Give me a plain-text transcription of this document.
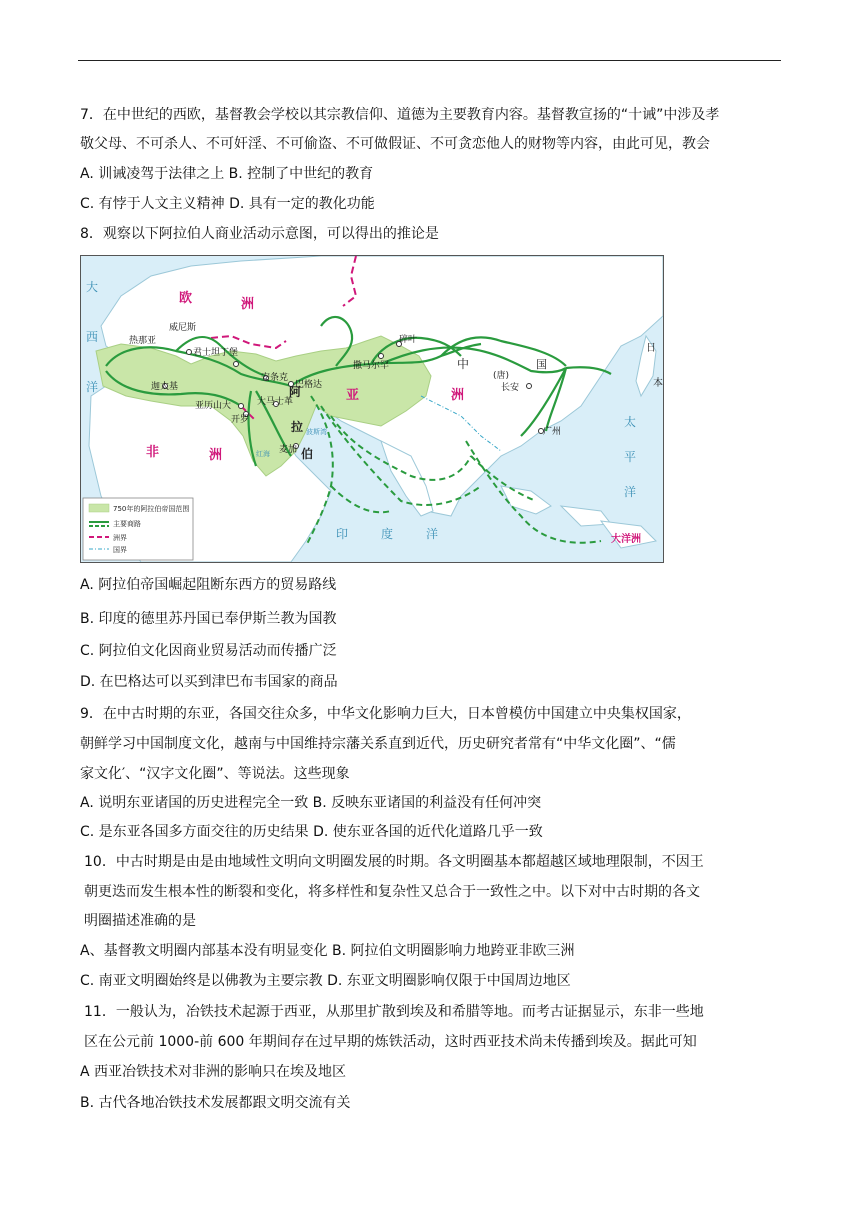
7．在中世纪的西欧，基督教会学校以其宗教信仰、道德为主要教育内容。基督教宣扬的“十诫”中涉及孝
敬父母、不可杀人、不可奸淫、不可偷盗、不可做假证、不可贪恋他人的财物等内容，由此可见，教会
A. 训诫凌驾于法律之上 B. 控制了中世纪的教育
C. 有悖于人文主义精神 D. 具有一定的教化功能
8．观察以下阿拉伯人商业活动示意图，可以得出的推论是
欧	洲
亚	洲
非	洲
阿
拉
伯
中	国
(唐)
日
本
大
西
洋
太
平
洋
印	度	洋	大洋洲
威尼斯
热那亚
君士坦丁堡
迦太基
安条克
巴格达
大马士革
亚历山大
开罗
麦加
碎叶
撒马尔罕
长安
广州
波斯湾
红海
750年的阿拉伯帝国范围
主要商路
洲界
国界
A. 阿拉伯帝国崛起阻断东西方的贸易路线
B. 印度的德里苏丹国已奉伊斯兰教为国教
C. 阿拉伯文化因商业贸易活动而传播广泛
D. 在巴格达可以买到津巴布韦国家的商品
9．在中古时期的东亚，各国交往众多，中华文化影响力巨大，日本曾模仿中国建立中央集权国家，
朝鲜学习中国制度文化，越南与中国维持宗藩关系直到近代，历史研究者常有“中华文化圈”、“儒
家文化′、“汉字文化圈”、等说法。这些现象
A. 说明东亚诸国的历史进程完全一致 B. 反映东亚诸国的利益没有任何冲突
C. 是东亚各国多方面交往的历史结果 D. 使东亚各国的近代化道路几乎一致
10．中古时期是由是由地域性文明向文明圈发展的时期。各文明圈基本都超越区域地理限制，不因王
朝更迭而发生根本性的断裂和变化，将多样性和复杂性又总合于一致性之中。以下对中古时期的各文
明圈描述准确的是
A、基督教文明圈内部基本没有明显变化 B. 阿拉伯文明圈影响力地跨亚非欧三洲
C. 南亚文明圈始终是以佛教为主要宗教 D. 东亚文明圈影响仅限于中国周边地区
11．一般认为，冶铁技术起源于西亚，从那里扩散到埃及和希腊等地。而考古证据显示，东非一些地
区在公元前 1000-前 600 年期间存在过早期的炼铁活动，这时西亚技术尚未传播到埃及。据此可知
A 西亚冶铁技术对非洲的影响只在埃及地区
B. 古代各地冶铁技术发展都跟文明交流有关
